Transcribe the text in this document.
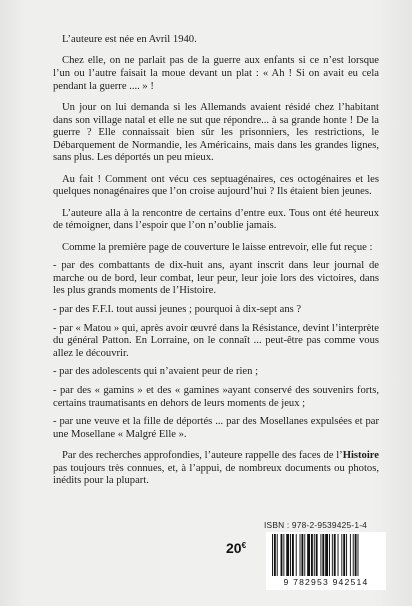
L’auteure est née en Avril 1940.

Chez elle, on ne parlait pas de la guerre aux enfants si ce n’est lorsque l’un ou l’autre faisait la moue devant un plat : « Ah ! Si on avait eu cela pendant la guerre .... » !

Un jour on lui demanda si les Allemands avaient résidé chez l’habitant dans son village natal et elle ne sut que répondre... à sa grande honte ! De la guerre ? Elle connaissait bien sûr les prisonniers, les restrictions, le Débarquement de Normandie, les Américains, mais dans les grandes lignes, sans plus. Les déportés un peu mieux.

Au fait ! Comment ont vécu ces septuagénaires, ces octogénaires et les quelques nonagénaires que l’on croise aujourd’hui ? Ils étaient bien jeunes.

L’auteure alla à la rencontre de certains d’entre eux. Tous ont été heureux de témoigner, dans l’espoir que l’on n’oublie jamais.

Comme la première page de couverture le laisse entrevoir, elle fut reçue :

- par des combattants de dix-huit ans, ayant inscrit dans leur journal de marche ou de bord, leur combat, leur peur, leur joie lors des victoires, dans les plus grands moments de l’Histoire.

- par des F.F.I. tout aussi jeunes ; pourquoi à dix-sept ans ?

- par « Matou » qui, après avoir œuvré dans la Résistance, devint l’interprète du général Patton. En Lorraine, on le connaît ... peut-être pas comme vous allez le découvrir.

- par des adolescents qui n’avaient peur de rien ;

- par des « gamins » et des « gamines »ayant conservé des souvenirs forts, certains traumatisants en dehors de leurs moments de jeux ;

- par une veuve et la fille de déportés ... par des Mosellanes expulsées et par une Mosellane « Malgré Elle ».

Par des recherches approfondies, l’auteure rappelle des faces de l’Histoire pas toujours très connues, et, à l’appui, de nombreux documents ou photos, inédits pour la plupart.

ISBN : 978-2-9539425-1-4
20€
9 782953 942514
